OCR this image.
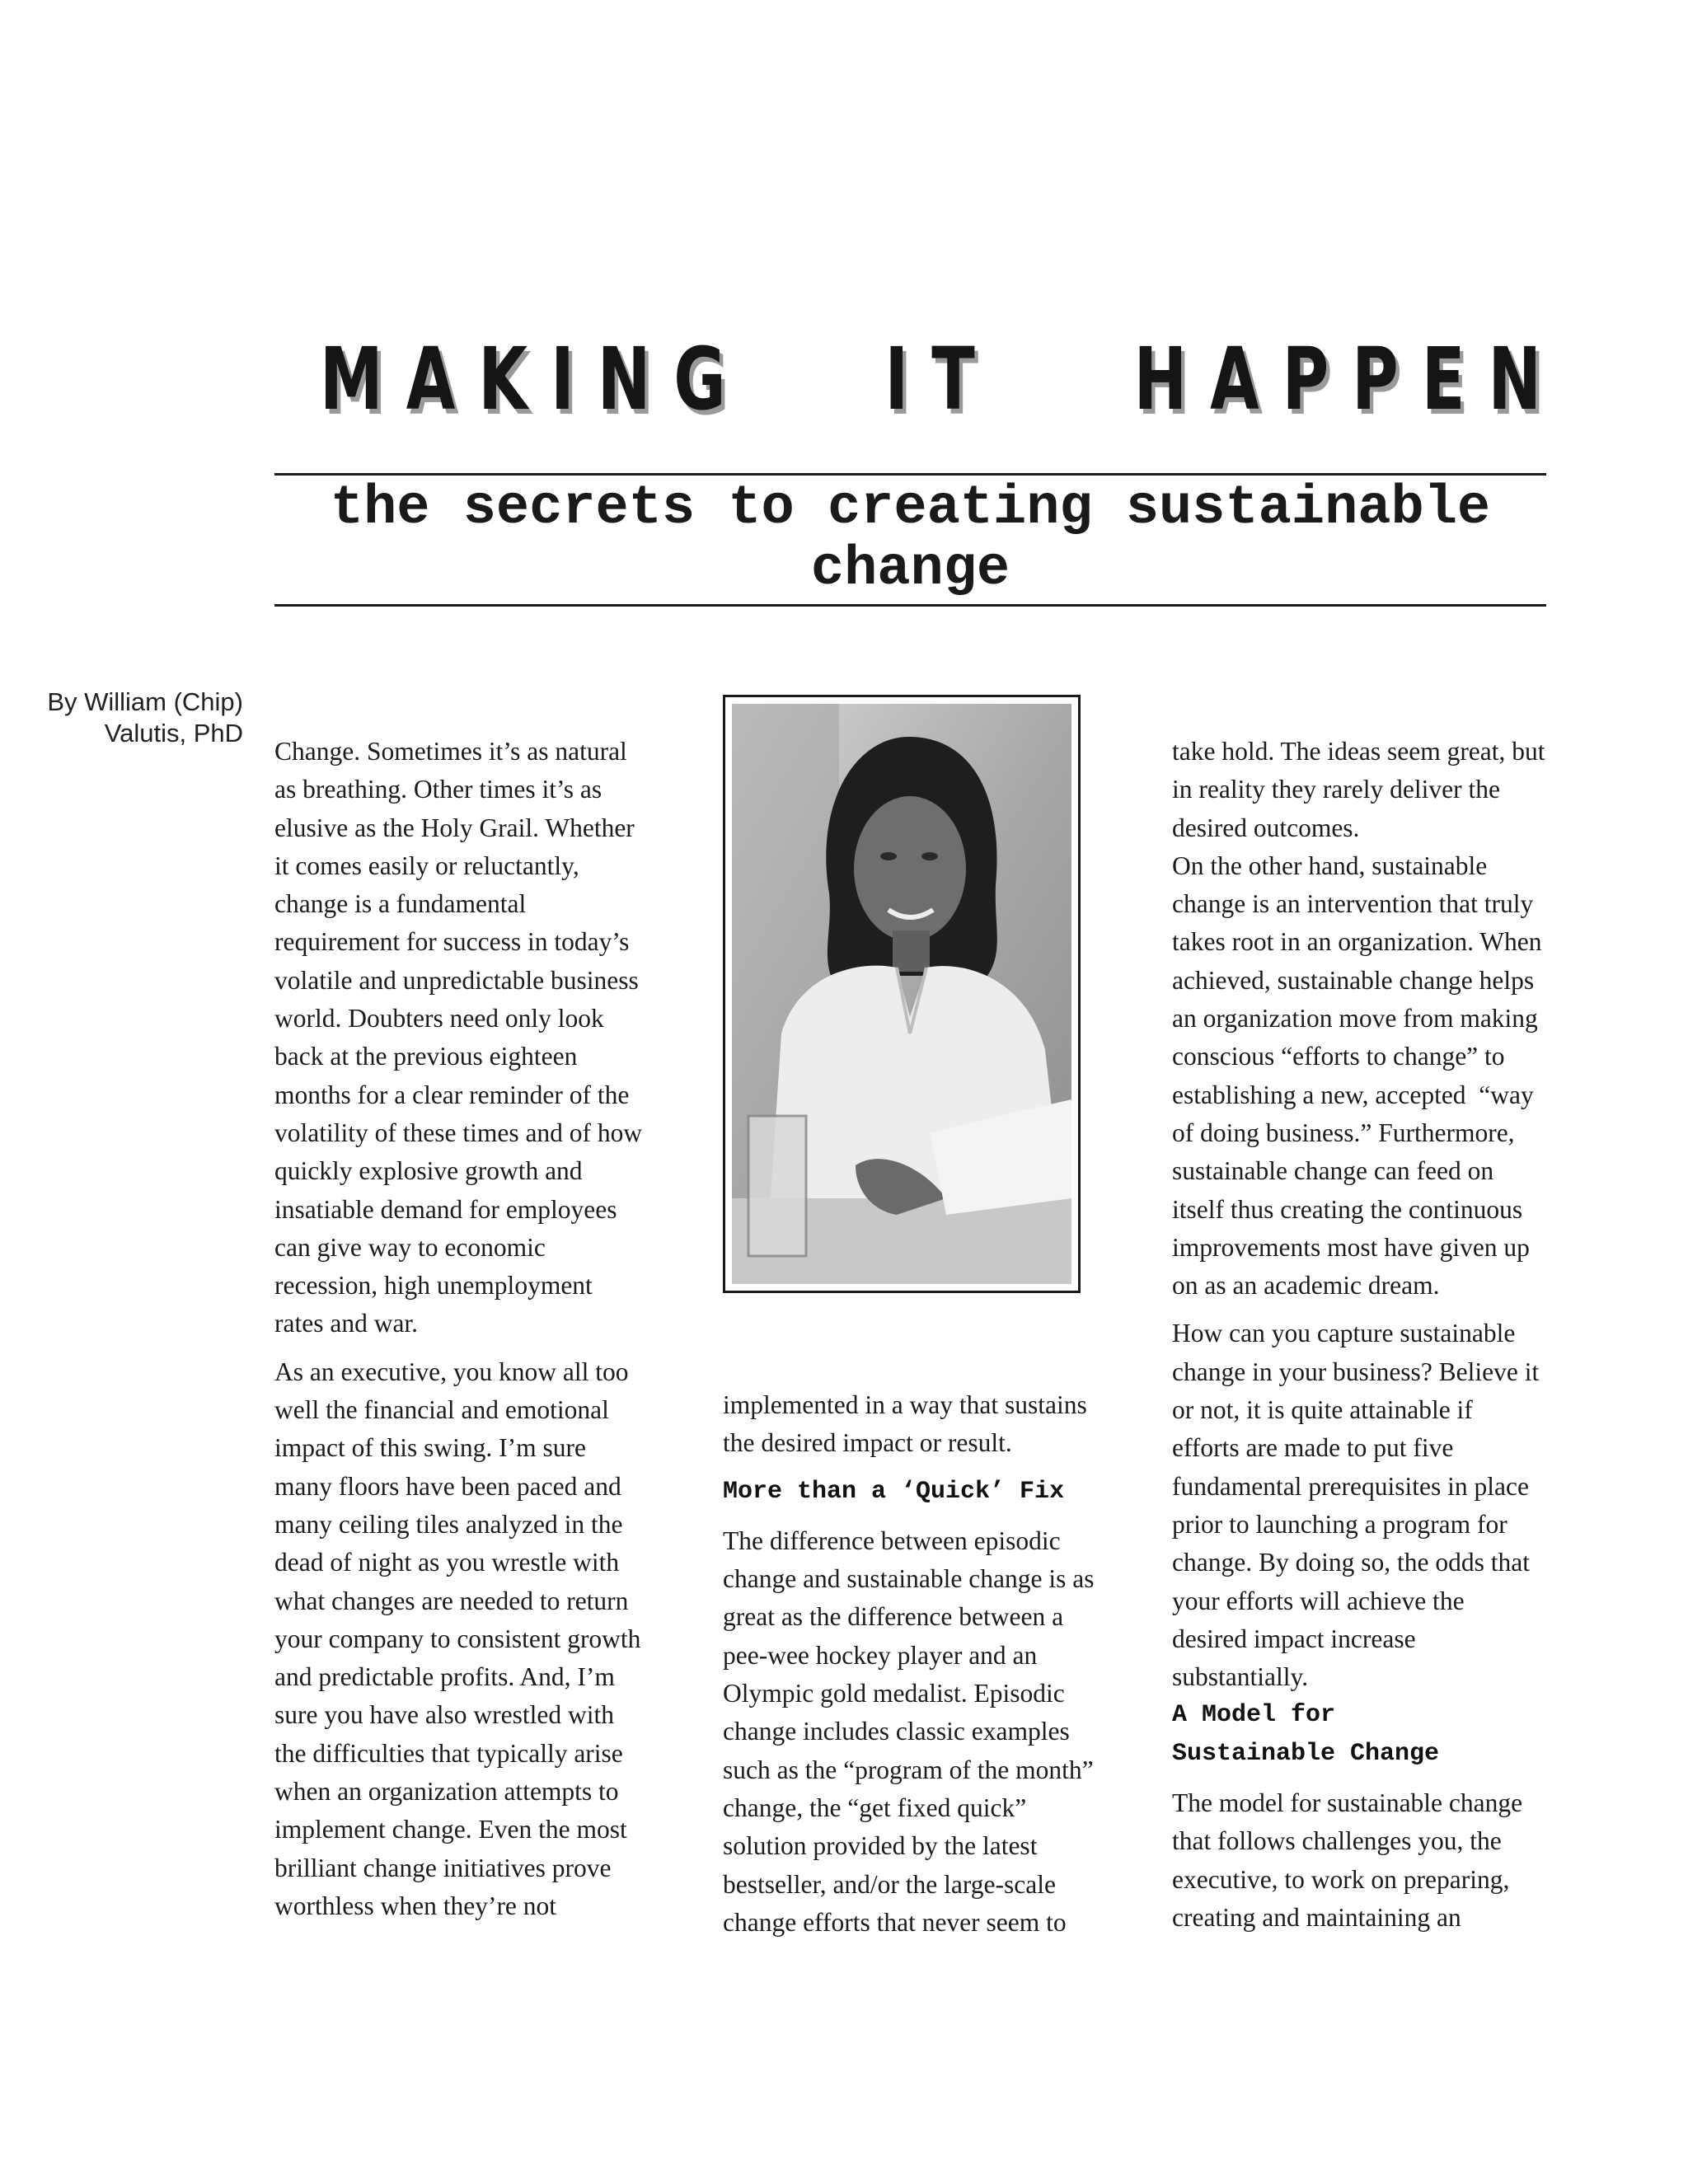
MAKING   IT   HAPPEN
the secrets to creating sustainable change
By William (Chip) Valutis, PhD

Change. Sometimes it’s as natural

as breathing. Other times it’s as

elusive as the Holy Grail. Whether

it comes easily or reluctantly,

change is a fundamental

requirement for success in today’s

volatile and unpredictable business

world. Doubters need only look

back at the previous eighteen

months for a clear reminder of the

volatility of these times and of how

quickly explosive growth and

insatiable demand for employees

can give way to economic

recession, high unemployment

rates and war.

As an executive, you know all too

well the financial and emotional

impact of this swing. I’m sure

many floors have been paced and

many ceiling tiles analyzed in the

dead of night as you wrestle with

what changes are needed to return

your company to consistent growth

and predictable profits. And, I’m

sure you have also wrestled with

the difficulties that typically arise

when an organization attempts to

implement change. Even the most

brilliant change initiatives prove

worthless when they’re not

implemented in a way that sustains

the desired impact or result.

More than a ‘Quick’ Fix

The difference between episodic

change and sustainable change is as

great as the difference between a

pee-wee hockey player and an

Olympic gold medalist. Episodic

change includes classic examples

such as the “program of the month”

change, the “get fixed quick”

solution provided by the latest

bestseller, and/or the large-scale

change efforts that never seem to

take hold. The ideas seem great, but

in reality they rarely deliver the

desired outcomes.

On the other hand, sustainable

change is an intervention that truly

takes root in an organization. When

achieved, sustainable change helps

an organization move from making

conscious “efforts to change” to

establishing a new, accepted  “way

of doing business.” Furthermore,

sustainable change can feed on

itself thus creating the continuous

improvements most have given up

on as an academic dream.

How can you capture sustainable

change in your business? Believe it

or not, it is quite attainable if

efforts are made to put five

fundamental prerequisites in place

prior to launching a program for

change. By doing so, the odds that

your efforts will achieve the

desired impact increase

substantially.

A Model for
Sustainable Change

The model for sustainable change

that follows challenges you, the

executive, to work on preparing,

creating and maintaining an
